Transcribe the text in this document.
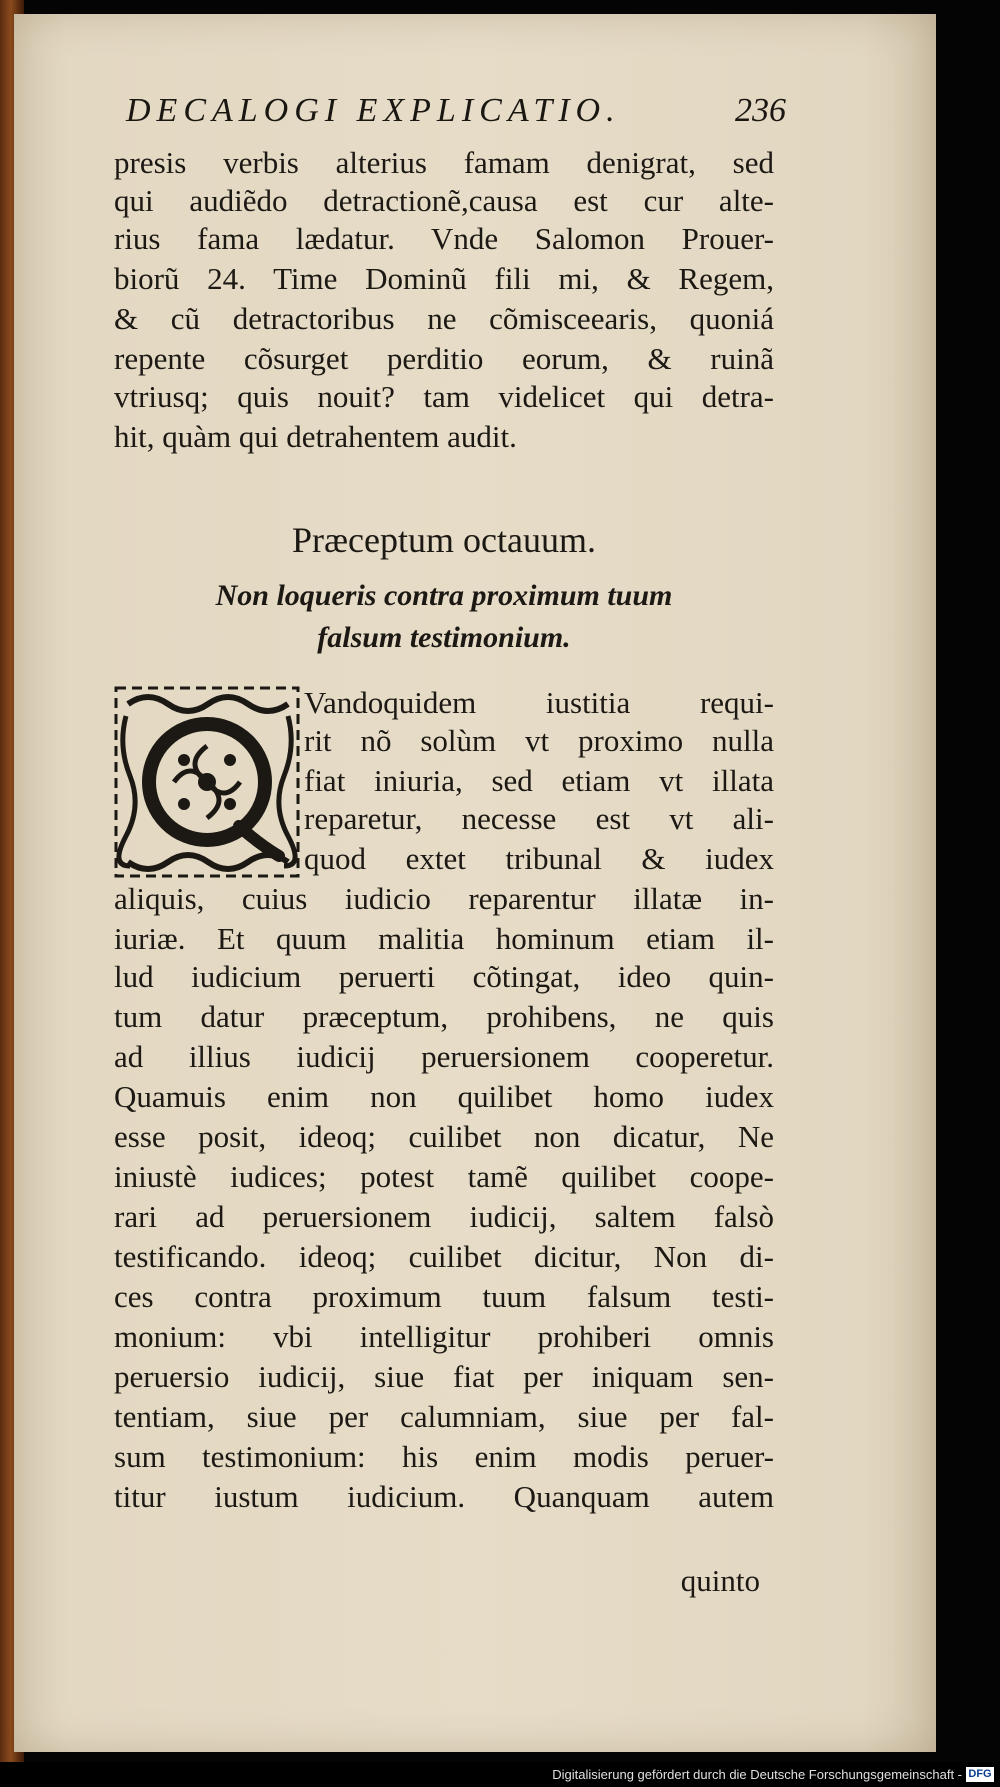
DECALOGI EXPLICATIO.	236

presis verbis alterius famam denigrat, sed

qui audiẽdo detractionẽ,causa est cur alte-

rius fama lædatur. Vnde Salomon Prouer-

biorũ 24. Time Dominũ fili mi, & Regem,

& cũ detractoribus ne cõmisceearis, quoniá

repente cõsurget perditio eorum, & ruinã

vtriusq; quis nouit? tam videlicet qui detra-

hit, quàm qui detrahentem audit.

Præceptum octauum.

Non loqueris contra proximum tuum

falsum testimonium.

Vandoquidem iustitia requi-

rit nõ solùm vt proximo nulla

fiat iniuria, sed etiam vt illata

reparetur, necesse est vt ali-

quod extet tribunal & iudex

aliquis, cuius iudicio reparentur illatæ in-

iuriæ. Et quum malitia hominum etiam il-

lud iudicium peruerti cõtingat, ideo quin-

tum datur præceptum, prohibens, ne quis

ad illius iudicij peruersionem cooperetur.

Quamuis enim non quilibet homo iudex

esse posit, ideoq; cuilibet non dicatur, Ne

iniustè iudices; potest tamẽ quilibet coope-

rari ad peruersionem iudicij, saltem falsò

testificando. ideoq; cuilibet dicitur, Non di-

ces contra proximum tuum falsum testi-

monium: vbi intelligitur prohiberi omnis

peruersio iudicij, siue fiat per iniquam sen-

tentiam, siue per calumniam, siue per fal-

sum testimonium: his enim modis peruer-

titur iustum iudicium. Quanquam autem

quinto

Digitalisierung gefördert durch die Deutsche Forschungsgemeinschaft - DFG
